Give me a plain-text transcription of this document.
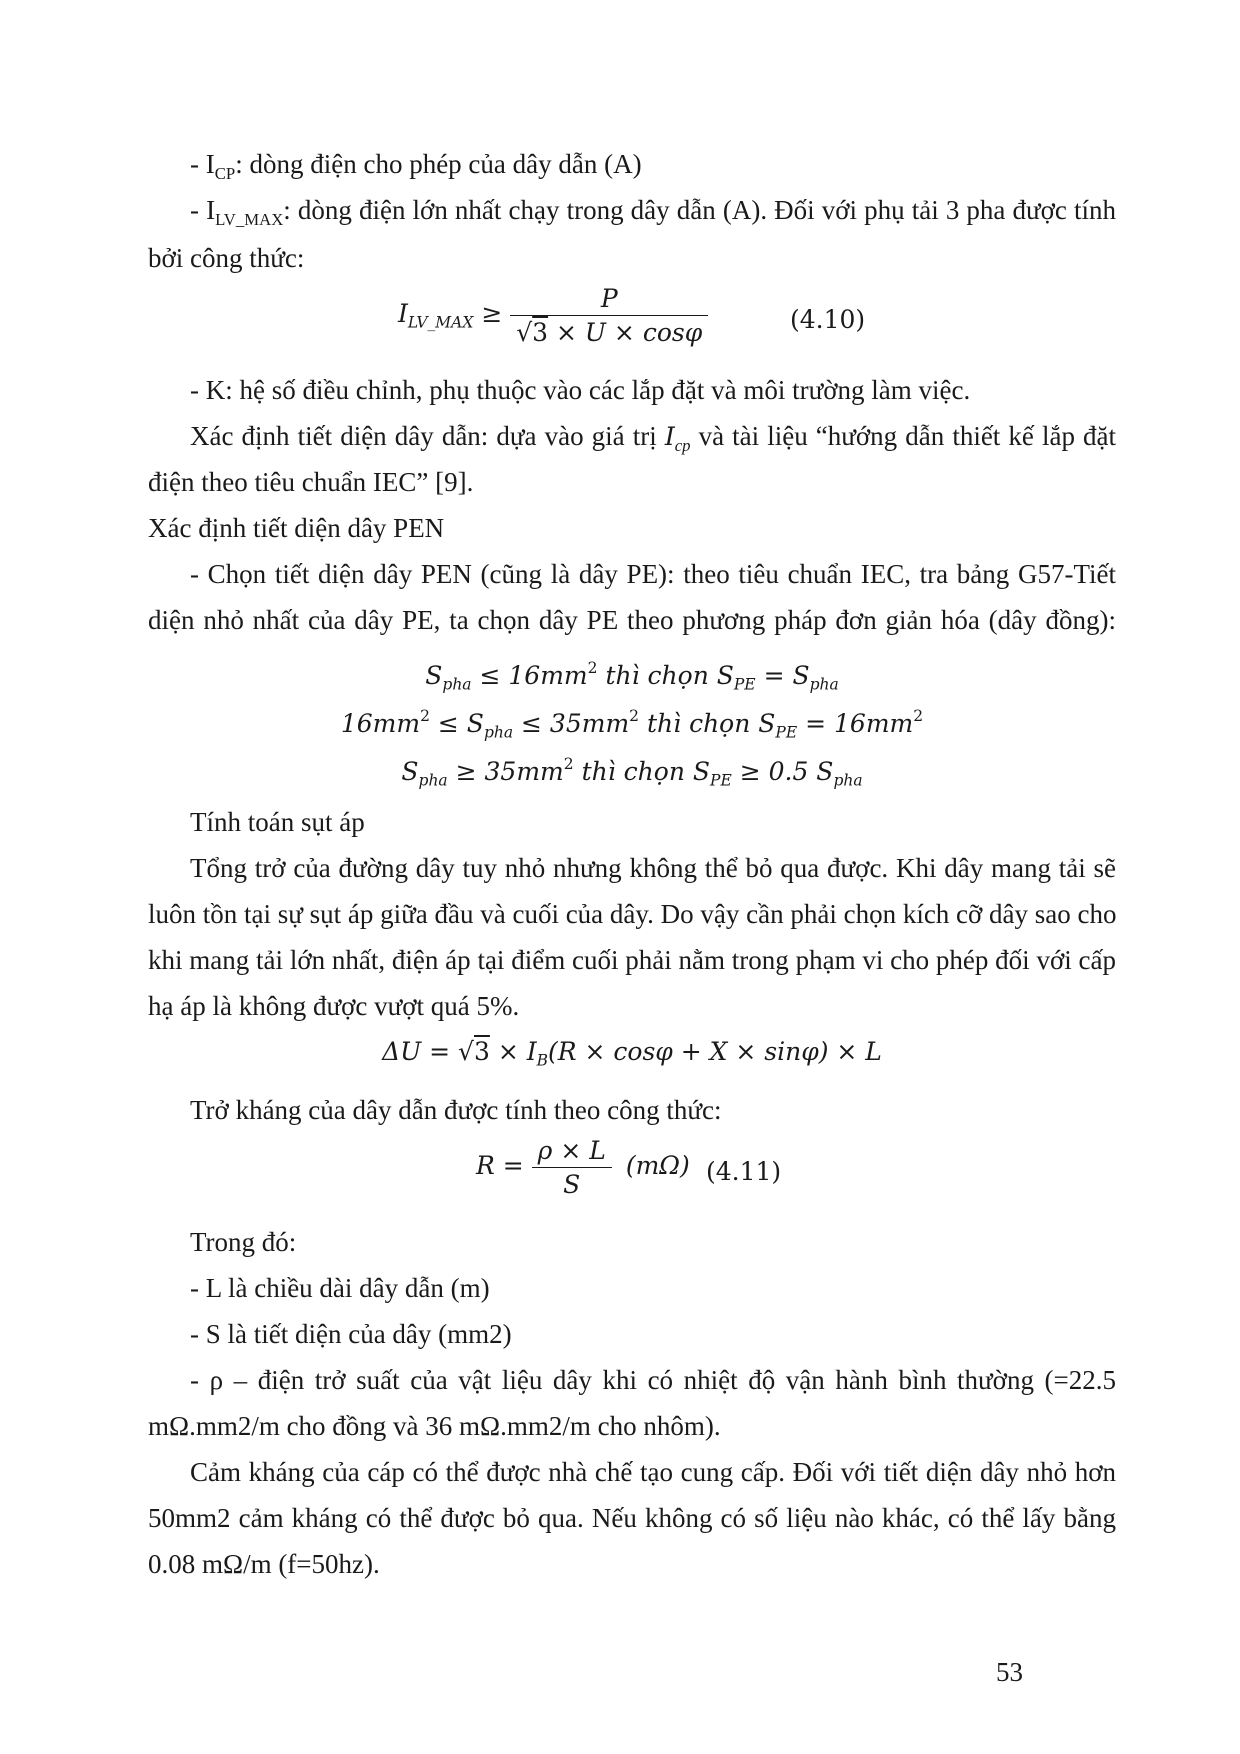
- $I_{CP}$: dòng điện cho phép của dây dẫn (A)
- $I_{LV\_MAX}$: dòng điện lớn nhất chạy trong dây dẫn (A). Đối với phụ tải 3 pha được tính
bởi công thức:
$I_{LV\_MAX} \ge \frac{P}{√3 \times U \times \cos\varphi}$	(4.10)
- K: hệ số điều chỉnh, phụ thuộc vào các lắp đặt và môi trường làm việc.
Xác định tiết diện dây dẫn: dựa vào giá trị $I_{cp}$ và tài liệu “hướng dẫn thiết kế lắp đặt
điện theo tiêu chuẩn IEC” [9].
Xác định tiết diện dây PEN
- Chọn tiết diện dây PEN (cũng là dây PE): theo tiêu chuẩn IEC, tra bảng G57-Tiết
diện nhỏ nhất của dây PE, ta chọn dây PE theo phương pháp đơn giản hóa (dây đồng):
$S_{pha} \le 16mm^2$ thì chọn $S_{PE} = S_{pha}$
$16mm^2 \le S_{pha} \le 35mm^2$ thì chọn $S_{PE} = 16mm^2$
$S_{pha} \ge 35mm^2$ thì chọn $S_{PE} \ge 0.5$ $S_{pha}$
Tính toán sụt áp
Tổng trở của đường dây tuy nhỏ nhưng không thể bỏ qua được. Khi dây mang tải sẽ
luôn tồn tại sự sụt áp giữa đầu và cuối của dây. Do vậy cần phải chọn kích cỡ dây sao cho
khi mang tải lớn nhất, điện áp tại điểm cuối phải nằm trong phạm vi cho phép đối với cấp
hạ áp là không được vượt quá 5%.
$\Delta U = √3 \times I_B(R \times \cos\varphi + X \times \sin\varphi) \times L$
Trở kháng của dây dẫn được tính theo công thức:
$R = \frac{\rho \times L}{S} (m\Omega)$ (4.11)
Trong đó:
- L là chiều dài dây dẫn (m)
- S là tiết diện của dây (mm2)
- ρ – điện trở suất của vật liệu dây khi có nhiệt độ vận hành bình thường (=22.5
mΩ.mm2/m cho đồng và 36 mΩ.mm2/m cho nhôm).
Cảm kháng của cáp có thể được nhà chế tạo cung cấp. Đối với tiết diện dây nhỏ hơn
50mm2 cảm kháng có thể được bỏ qua. Nếu không có số liệu nào khác, có thể lấy bằng
0.08 mΩ/m (f=50hz).
53
